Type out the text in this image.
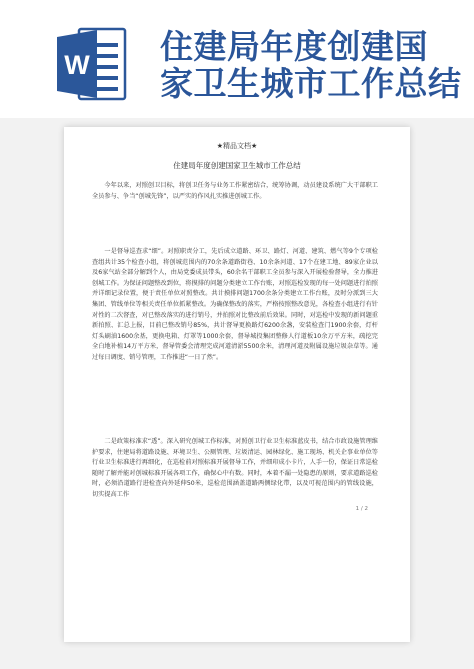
W 住建局年度创建国
家卫生城市工作总结
★精品文档★
住建局年度创建国家卫生城市工作总结

今年以来，对照创卫目标，将创卫任务与业务工作紧密结合，统筹协调，动员建设系统广大干部职工全员参与、争当“创城先锋”，以严实的作风扎实推进创城工作。

一是督导巡查求“细”。对照职责分工，先后成立道路、环卫、路灯、河道、建筑、燃气等9个专项检查组共计35个检查小组，将创城范围内的70余条道路街巷、10余条河道、17个在建工地、89家企业以及6家气站全部分解到个人，由局党委成员带头，60余名干部职工全员参与深入开展检验督导，全力推进创城工作。为保证问题整改到位，将摸排的问题分类建立工作台账，对照巡检发现的每一处问题进行拍照并详细记录位置，便于责任单位对照整改。共计摸排问题1700余条分类建立工作台账，及时分派到三大集团、管线单位等相关责任单位抓紧整改。为确保整改的落实，严格按照整改意见，各检查小组进行有针对性的二次督查，对已整改落实的进行销号，并拍照对比整改前后效果。同时，对巡检中发现的新问题重新拍照、汇总上报，目前已整改销号85%，共计督导更换路灯6200余盏，安装检查门1900余套，灯杆灯头刷油1600余基，更换电箱、灯罩等1000余套，督导城投集团整修人行道板10余万平方米，疏挖完全白地补植14万平方米，督导管委会清理完成河道清淤5500余米，清理河道及附属设施垃圾杂草等。通过每日调度、销号管理，工作推进“一日了然”。

二是政策标准求“透”。深入研究创城工作标准，对照创卫行业卫生标准蓝皮书，结合市政设施管理维护要求，住建局将道路设施、环境卫生、公厕管理、垃圾清运、园林绿化、施工现场、机关企事业单位等行业卫生标准进行再细化，在巡检前对照标准开展督导工作，并细印成小卡片，人手一份，保证日常巡检随时了解并能对创城标准开展各项工作，确保心中有数。同时，本着不漏一处隐患的原则，要求道路巡检时，必须沿道路行进检查向外延伸50米，巡检范围涵盖道路两侧绿化带，以及可视范围内的管线设施，切实提高工作

1 / 2
